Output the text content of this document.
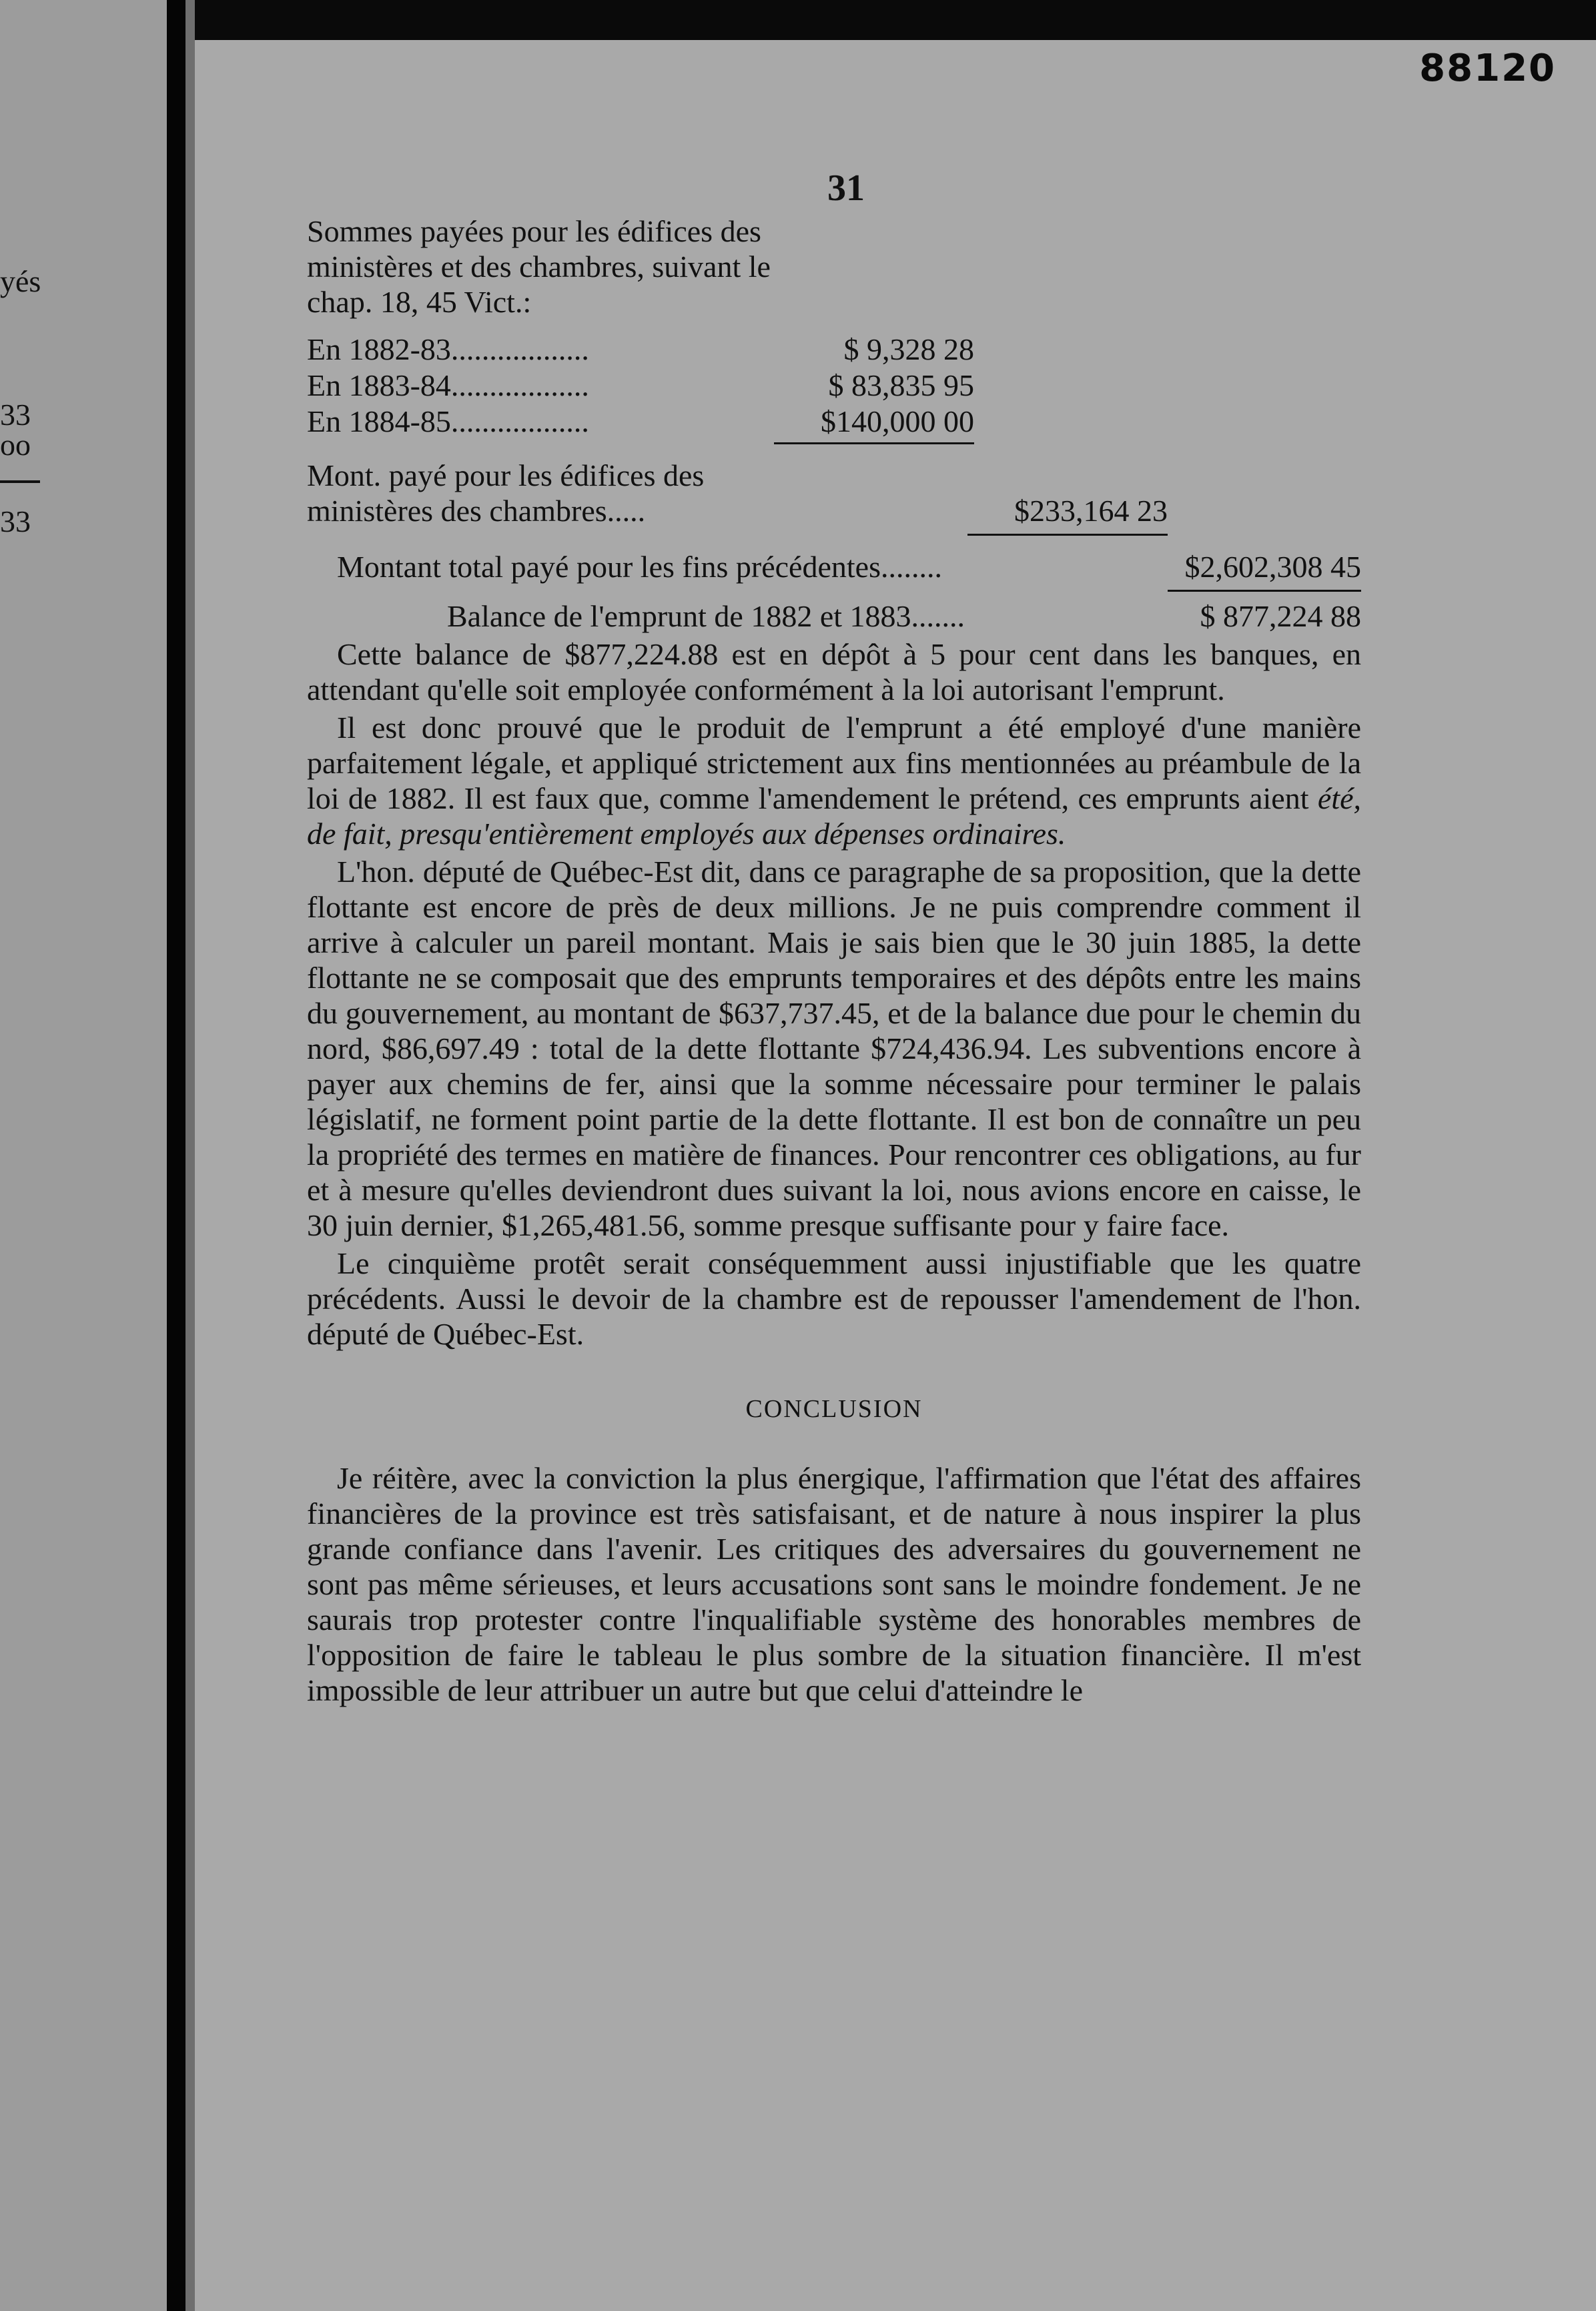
yés
33
oo
33
88120
31
Sommes payées pour les édifices des ministères et des chambres, suivant le chap. 18, 45 Vict.:
En 1882-83..................	$ 9,328 28
En 1883-84..................	$ 83,835 95
En 1884-85..................	$140,000 00
Mont. payé pour les édifices des ministères des chambres.....	$233,164 23
Montant total payé pour les fins précédentes........	$2,602,308 45
Balance de l'emprunt de 1882 et 1883.......	$ 877,224 88

Cette balance de $877,224.88 est en dépôt à 5 pour cent dans les banques, en attendant qu'elle soit employée conformément à la loi autorisant l'emprunt.

Il est donc prouvé que le produit de l'emprunt a été employé d'une manière parfaitement légale, et appliqué strictement aux fins mentionnées au préambule de la loi de 1882. Il est faux que, comme l'amendement le prétend, ces emprunts aient été, de fait, presqu'entièrement employés aux dépenses ordinaires.

L'hon. député de Québec-Est dit, dans ce paragraphe de sa proposition, que la dette flottante est encore de près de deux millions. Je ne puis comprendre comment il arrive à calculer un pareil montant. Mais je sais bien que le 30 juin 1885, la dette flottante ne se composait que des emprunts temporaires et des dépôts entre les mains du gouvernement, au montant de $637,737.45, et de la balance due pour le chemin du nord, $86,697.49 : total de la dette flottante $724,436.94. Les subventions encore à payer aux chemins de fer, ainsi que la somme nécessaire pour terminer le palais législatif, ne forment point partie de la dette flottante. Il est bon de connaître un peu la propriété des termes en matière de finances. Pour rencontrer ces obligations, au fur et à mesure qu'elles deviendront dues suivant la loi, nous avions encore en caisse, le 30 juin dernier, $1,265,481.56, somme presque suffisante pour y faire face.

Le cinquième protêt serait conséquemment aussi injustifiable que les quatre précédents. Aussi le devoir de la chambre est de repousser l'amendement de l'hon. député de Québec-Est.

CONCLUSION

Je réitère, avec la conviction la plus énergique, l'affirmation que l'état des affaires financières de la province est très satisfaisant, et de nature à nous inspirer la plus grande confiance dans l'avenir. Les critiques des adversaires du gouvernement ne sont pas même sérieuses, et leurs accusations sont sans le moindre fondement. Je ne saurais trop protester contre l'inqualifiable système des honorables membres de l'opposition de faire le tableau le plus sombre de la situation financière. Il m'est impossible de leur attribuer un autre but que celui d'atteindre le
